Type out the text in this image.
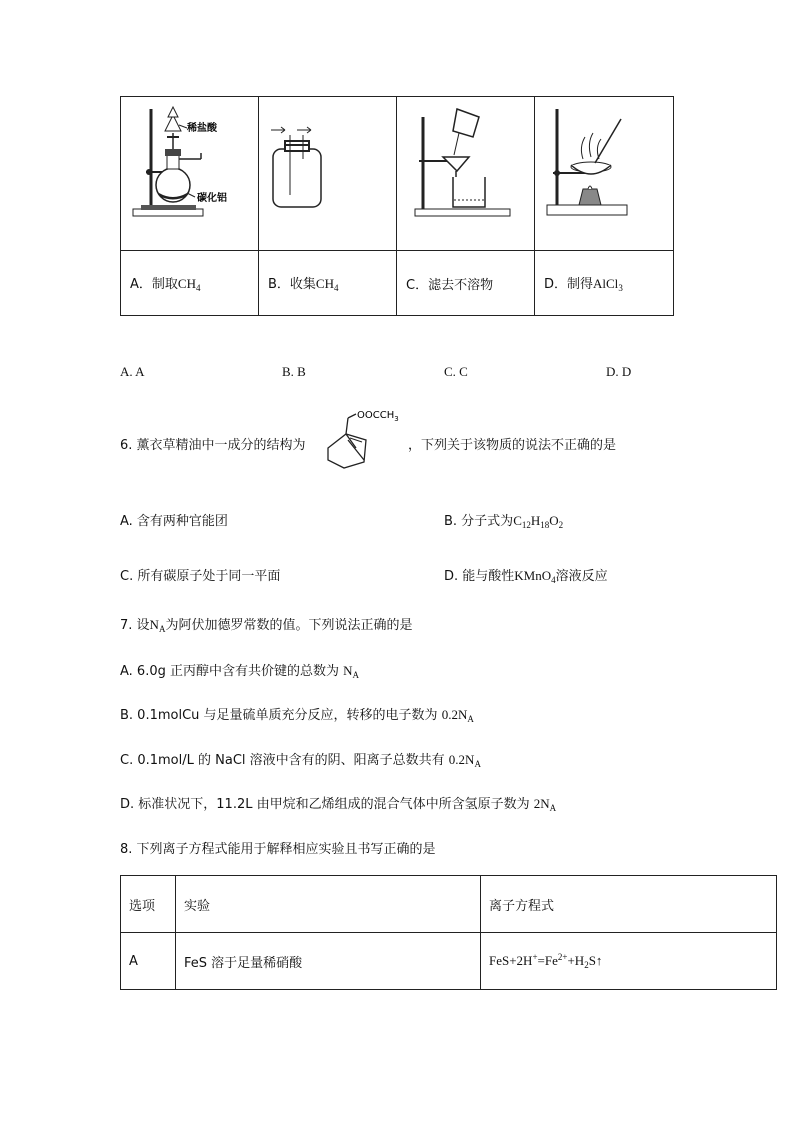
稀盐酸
碳化铝

A．制取$CH_4$	B．收集$CH_4$	C．滤去不溶物	D．制得AlCl$_3$
A. A	B. B	C. C	D. D
6. 薰衣草精油中一成分的结构为
$OOCCH_3$
，下列关于该物质的说法不正确的是
A. 含有两种官能团	B. 分子式为$C_{12}H_{18}O_2$
C. 所有碳原子处于同一平面	D. 能与酸性KMnO$_4$溶液反应
7. 设$N_A$为阿伏加德罗常数的值。下列说法正确的是
A. 6.0g 正丙醇中含有共价键的总数为 $N_A$
B. 0.1molCu 与足量硫单质充分反应，转移的电子数为 $0.2N_A$
C. 0.1mol/L 的 NaCl 溶液中含有的阴、阳离子总数共有 $0.2N_A$
D. 标准状况下，11.2L 由甲烷和乙烯组成的混合气体中所含氢原子数为 $2N_A$
8. 下列离子方程式能用于解释相应实验且书写正确的是
选项	实验	离子方程式
A	FeS 溶于足量稀硝酸	$FeS+2H^+=Fe^{2+}+H_2S↑$
